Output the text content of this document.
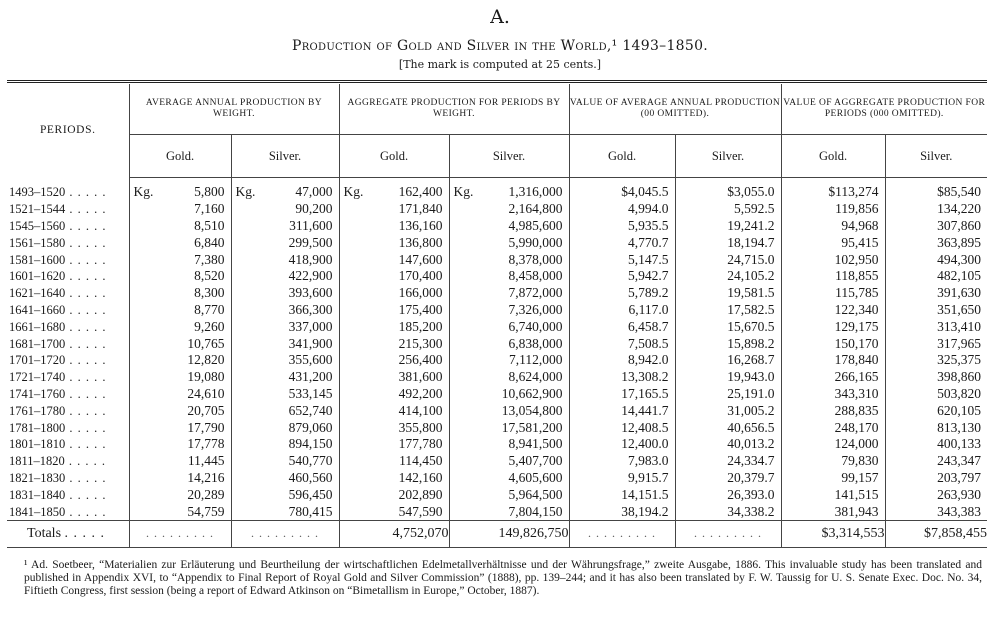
A.
Production of Gold and Silver in the World,¹ 1493–1850.
[The mark is computed at 25 cents.]

PERIODS.	AVERAGE ANNUAL PRODUCTION BY WEIGHT.		AGGREGATE PRODUCTION FOR PERIODS BY WEIGHT.		VALUE OF AVERAGE ANNUAL PRODUCTION (00 OMITTED).		VALUE OF AGGREGATE PRODUCTION FOR PERIODS (000 OMITTED).	
	Gold.	Silver.	Gold.	Silver.	Gold.	Silver.	Gold.	Silver.
1493–1520 . . . . .	Kg. 5,800	Kg. 47,000	Kg. 162,400	Kg. 1,316,000	$4,045.5	$3,055.0	$113,274	$85,540
1521–1544 . . . . .	7,160	90,200	171,840	2,164,800	4,994.0	5,592.5	119,856	134,220
1545–1560 . . . . .	8,510	311,600	136,160	4,985,600	5,935.5	19,241.2	94,968	307,860
1561–1580 . . . . .	6,840	299,500	136,800	5,990,000	4,770.7	18,194.7	95,415	363,895
1581–1600 . . . . .	7,380	418,900	147,600	8,378,000	5,147.5	24,715.0	102,950	494,300
1601–1620 . . . . .	8,520	422,900	170,400	8,458,000	5,942.7	24,105.2	118,855	482,105
1621–1640 . . . . .	8,300	393,600	166,000	7,872,000	5,789.2	19,581.5	115,785	391,630
1641–1660 . . . . .	8,770	366,300	175,400	7,326,000	6,117.0	17,582.5	122,340	351,650
1661–1680 . . . . .	9,260	337,000	185,200	6,740,000	6,458.7	15,670.5	129,175	313,410
1681–1700 . . . . .	10,765	341,900	215,300	6,838,000	7,508.5	15,898.2	150,170	317,965
1701–1720 . . . . .	12,820	355,600	256,400	7,112,000	8,942.0	16,268.7	178,840	325,375
1721–1740 . . . . .	19,080	431,200	381,600	8,624,000	13,308.2	19,943.0	266,165	398,860
1741–1760 . . . . .	24,610	533,145	492,200	10,662,900	17,165.5	25,191.0	343,310	503,820
1761–1780 . . . . .	20,705	652,740	414,100	13,054,800	14,441.7	31,005.2	288,835	620,105
1781–1800 . . . . .	17,790	879,060	355,800	17,581,200	12,408.5	40,656.5	248,170	813,130
1801–1810 . . . . .	17,778	894,150	177,780	8,941,500	12,400.0	40,013.2	124,000	400,133
1811–1820 . . . . .	11,445	540,770	114,450	5,407,700	7,983.0	24,334.7	79,830	243,347
1821–1830 . . . . .	14,216	460,560	142,160	4,605,600	9,915.7	20,379.7	99,157	203,797
1831–1840 . . . . .	20,289	596,450	202,890	5,964,500	14,151.5	26,393.0	141,515	263,930
1841–1850 . . . . .	54,759	780,415	547,590	7,804,150	38,194.2	34,338.2	381,943	343,383
Totals . . . . .	. . . . . . . . .	. . . . . . . . .	4,752,070	149,826,750	. . . . . . . . .	. . . . . . . . .	$3,314,553	$7,858,455
¹ Ad. Soetbeer, “Materialien zur Erläuterung und Beurtheilung der wirtschaftlichen Edelmetallverhältnisse und der Währungsfrage,” zweite Ausgabe, 1886. This invaluable study has been translated and published in Appendix XVI, to “Appendix to Final Report of Royal Gold and Silver Commission” (1888), pp. 139–244; and it has also been translated by F. W. Taussig for U. S. Senate Exec. Doc. No. 34, Fiftieth Congress, first session (being a report of Edward Atkinson on “Bimetallism in Europe,” October, 1887).
